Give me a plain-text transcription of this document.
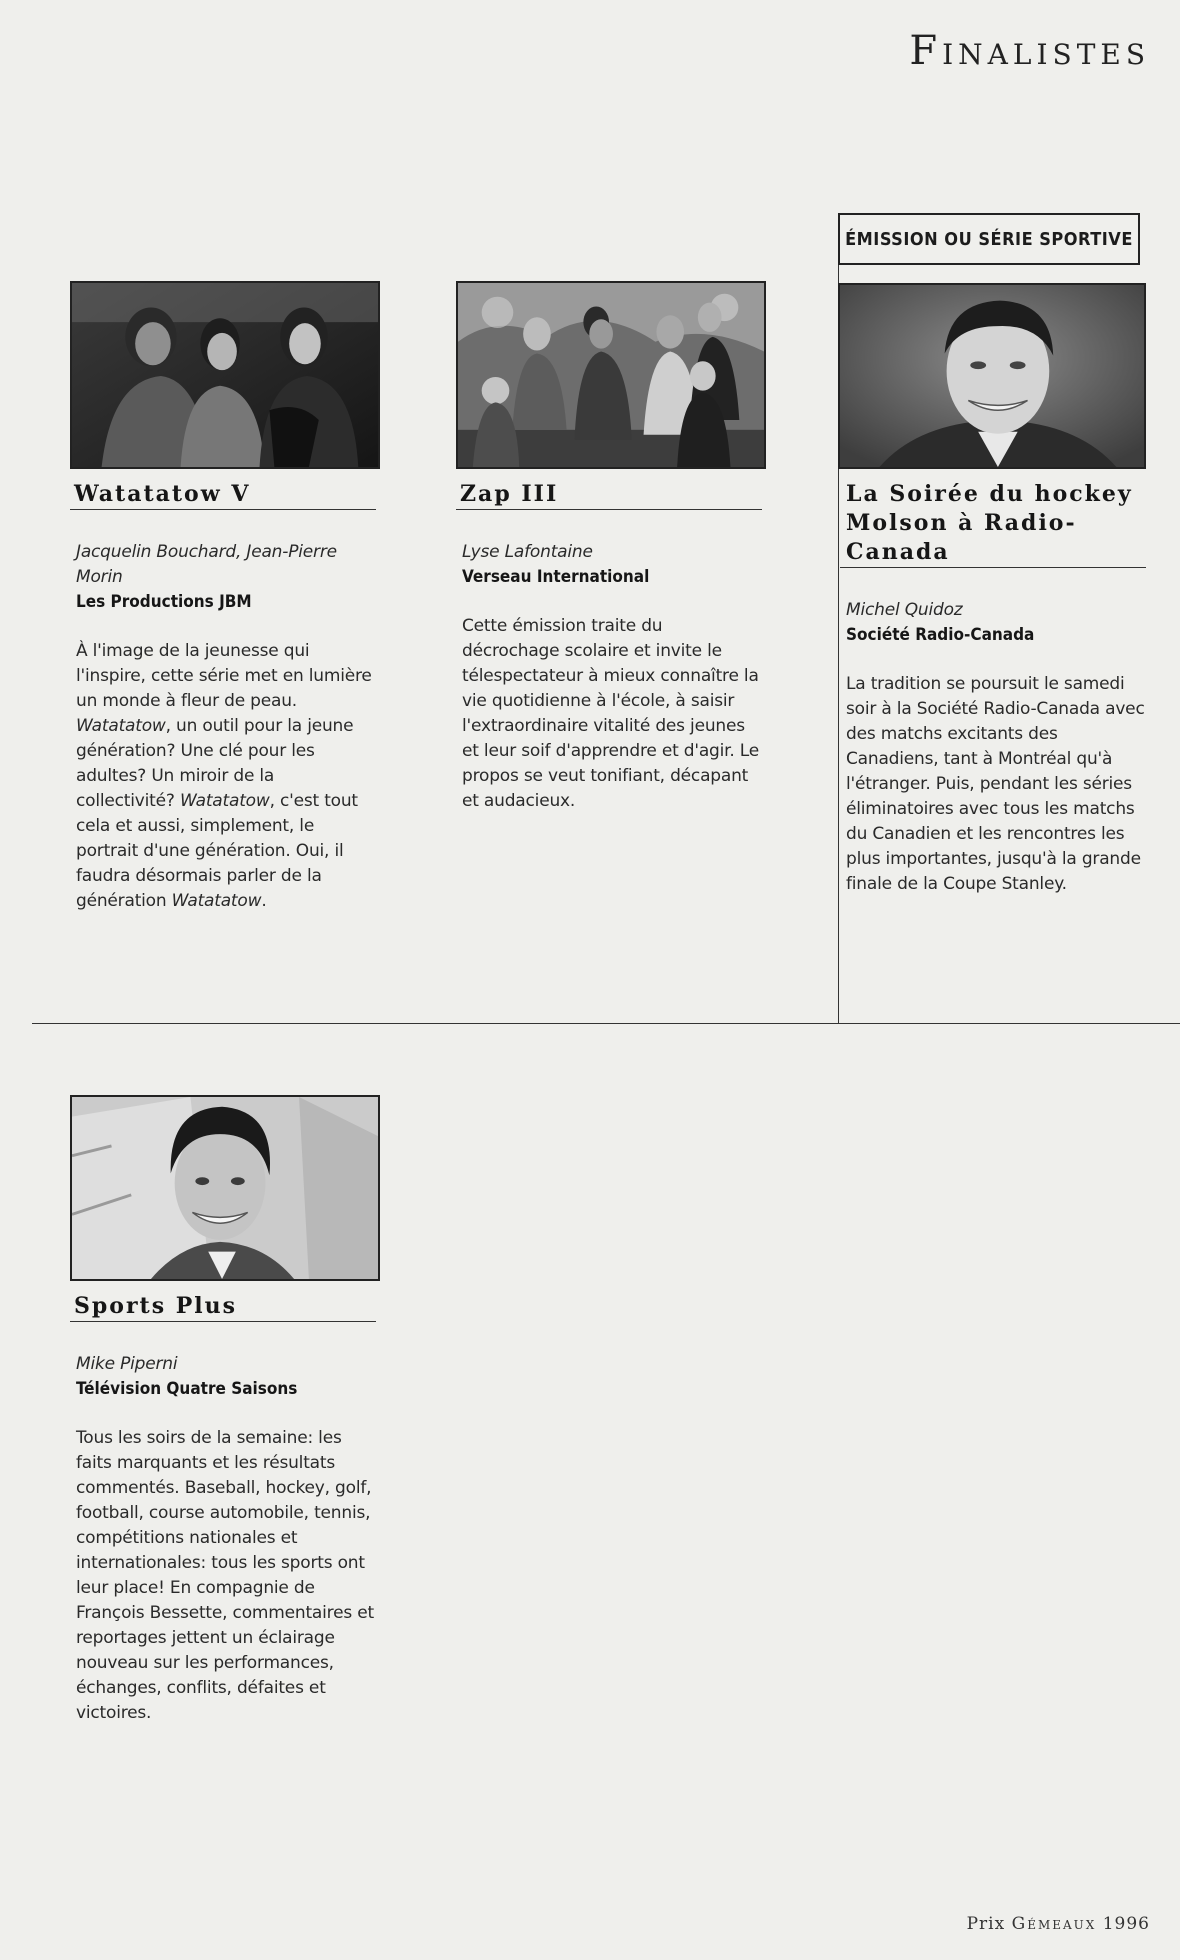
Finalistes
ÉMISSION OU SÉRIE SPORTIVE
Watatatow V
Jacquelin Bouchard, Jean-Pierre Morin
Les Productions JBM
À l'image de la jeunesse qui l'inspire, cette série met en lumière un monde à fleur de peau. Watatatow, un outil pour la jeune génération? Une clé pour les adultes? Un miroir de la collectivité? Watatatow, c'est tout cela et aussi, simplement, le portrait d'une génération. Oui, il faudra désormais parler de la génération Watatatow.
Zap III
Lyse Lafontaine
Verseau International
Cette émission traite du décrochage scolaire et invite le télespectateur à mieux connaître la vie quotidienne à l'école, à saisir l'extraordinaire vitalité des jeunes et leur soif d'apprendre et d'agir. Le propos se veut tonifiant, décapant et audacieux.
La Soirée du hockey
Molson à Radio-Canada
Michel Quidoz
Société Radio-Canada
La tradition se poursuit le samedi soir à la Société Radio-Canada avec des matchs excitants des Canadiens, tant à Montréal qu'à l'étranger. Puis, pendant les séries éliminatoires avec tous les matchs du Canadien et les rencontres les plus importantes, jusqu'à la grande finale de la Coupe Stanley.
Sports Plus
Mike Piperni
Télévision Quatre Saisons
Tous les soirs de la semaine: les faits marquants et les résultats commentés. Baseball, hockey, golf, football, course automobile, tennis, compétitions nationales et internationales: tous les sports ont leur place! En compagnie de François Bessette, commentaires et reportages jettent un éclairage nouveau sur les performances, échanges, conflits, défaites et victoires.
Prix Gémeaux 1996
